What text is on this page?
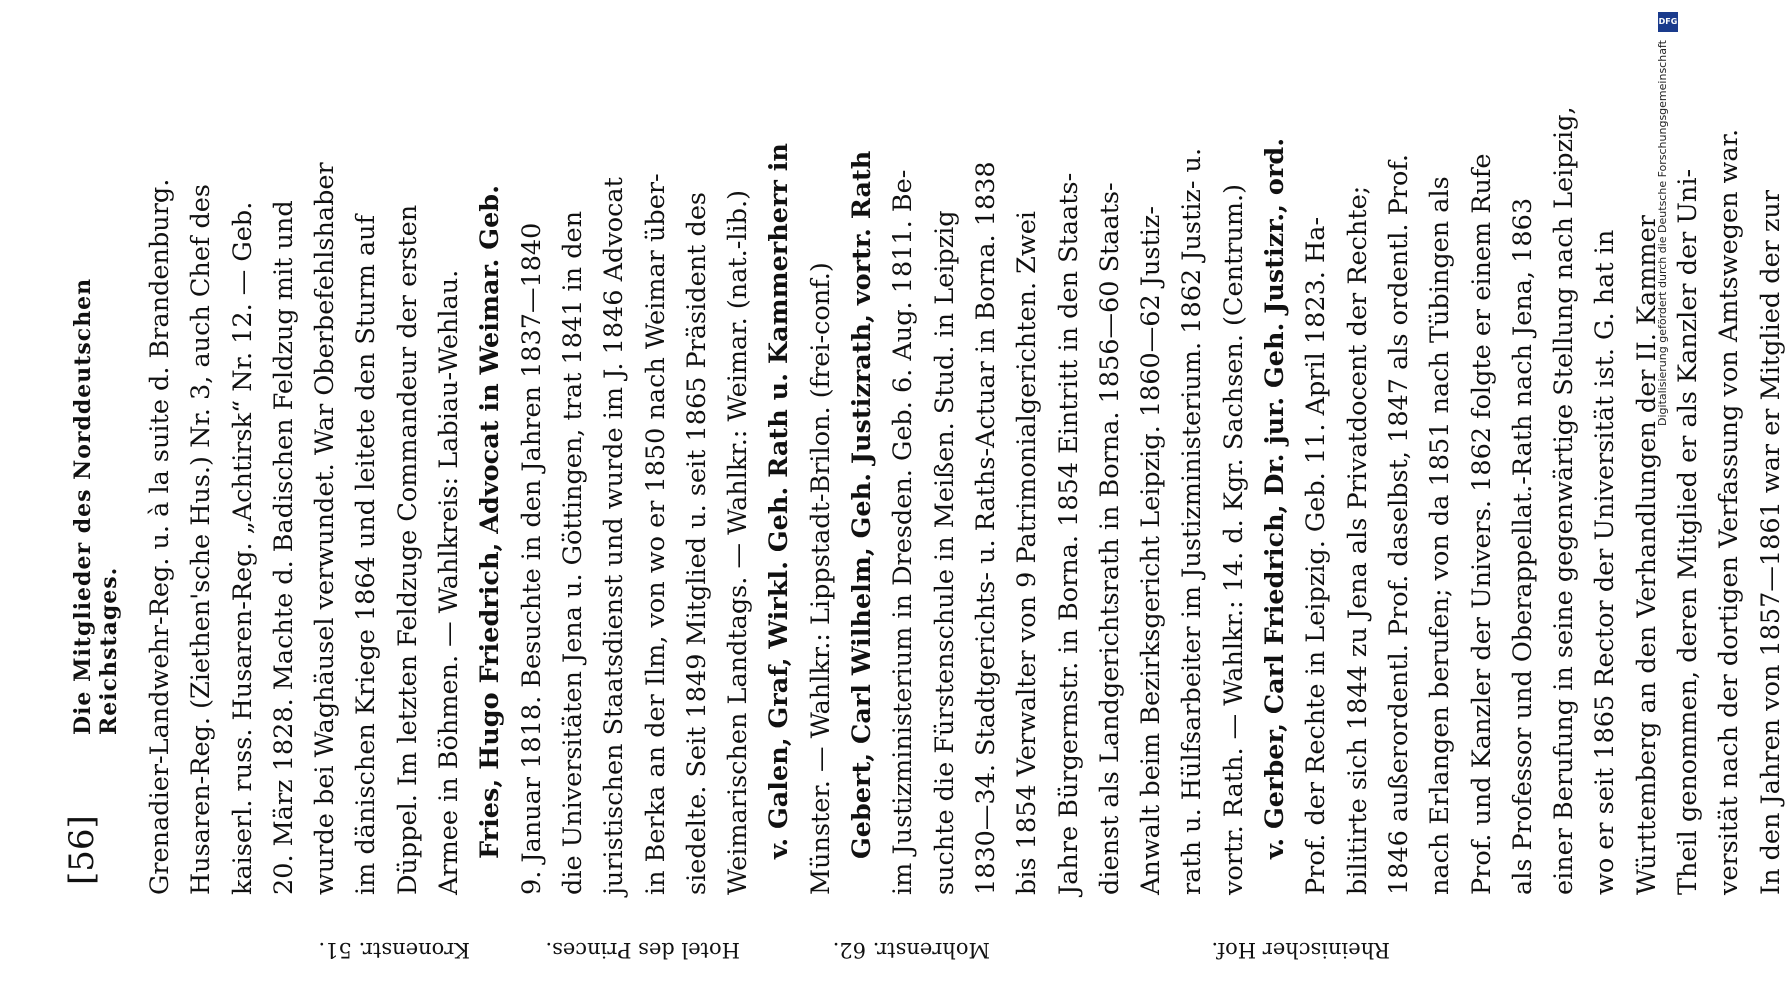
[56]
Die Mitglieder des Norddeutschen Reichstages.
Kronenstr. 51.	Hotel des Princes.	Mohrenstr. 62.	Rheinischer Hof.
Grenadier-Landwehr-Reg. u. à la suite d. Brandenburg. Husaren-Reg. (Ziethen'sche Hus.) Nr. 3, auch Chef des kaiserl. russ. Husaren-Reg. „Achtirsk“ Nr. 12. — Geb. 20. März 1828. Machte d. Badischen Feldzug mit und wurde bei Waghäusel verwundet. War Oberbefehlshaber im dänischen Kriege 1864 und leitete den Sturm auf Düppel. Im letzten Feldzuge Commandeur der ersten Armee in Böhmen. — Wahlkreis: Labiau-Wehlau. Fries, Hugo Friedrich, Advocat in Weimar. Geb. 9. Januar 1818. Besuchte in den Jahren 1837—1840 die Universitäten Jena u. Göttingen, trat 1841 in den juristischen Staatsdienst und wurde im J. 1846 Advocat in Berka an der Ilm, von wo er 1850 nach Weimar über- siedelte. Seit 1849 Mitglied u. seit 1865 Präsident des Weimarischen Landtags. — Wahlkr.: Weimar. (nat.-lib.) v. Galen, Graf, Wirkl. Geh. Rath u. Kammerherr in Münster. — Wahlkr.: Lippstadt-Brilon. (frei-conf.) Gebert, Carl Wilhelm, Geh. Justizrath, vortr. Rath im Justizministerium in Dresden. Geb. 6. Aug. 1811. Be- suchte die Fürstenschule in Meißen. Stud. in Leipzig 1830—34. Stadtgerichts- u. Raths-Actuar in Borna. 1838 bis 1854 Verwalter von 9 Patrimonialgerichten. Zwei Jahre Bürgermstr. in Borna. 1854 Eintritt in den Staats- dienst als Landgerichtsrath in Borna. 1856—60 Staats- Anwalt beim Bezirksgericht Leipzig. 1860—62 Justiz- rath u. Hülfsarbeiter im Justizministerium. 1862 Justiz- u. vortr. Rath. — Wahlkr.: 14. d. Kgr. Sachsen. (Centrum.) v. Gerber, Carl Friedrich, Dr. jur. Geh. Justizr., ord. Prof. der Rechte in Leipzig. Geb. 11. April 1823. Ha- bilitirte sich 1844 zu Jena als Privatdocent der Rechte; 1846 außerordentl. Prof. daselbst, 1847 als ordentl. Prof. nach Erlangen berufen; von da 1851 nach Tübingen als Prof. und Kanzler der Univers. 1862 folgte er einem Rufe als Professor und Oberappellat.-Rath nach Jena, 1863 einer Berufung in seine gegenwärtige Stellung nach Leipzig, wo er seit 1865 Rector der Universität ist. G. hat in Württemberg an den Verhandlungen der II. Kammer Theil genommen, deren Mitglied er als Kanzler der Uni- versität nach der dortigen Verfassung von Amtswegen war. In den Jahren von 1857—1861 war er Mitglied der zur
DFG
Digitalisierung gefördert durch die Deutsche Forschungsgemeinschaft
